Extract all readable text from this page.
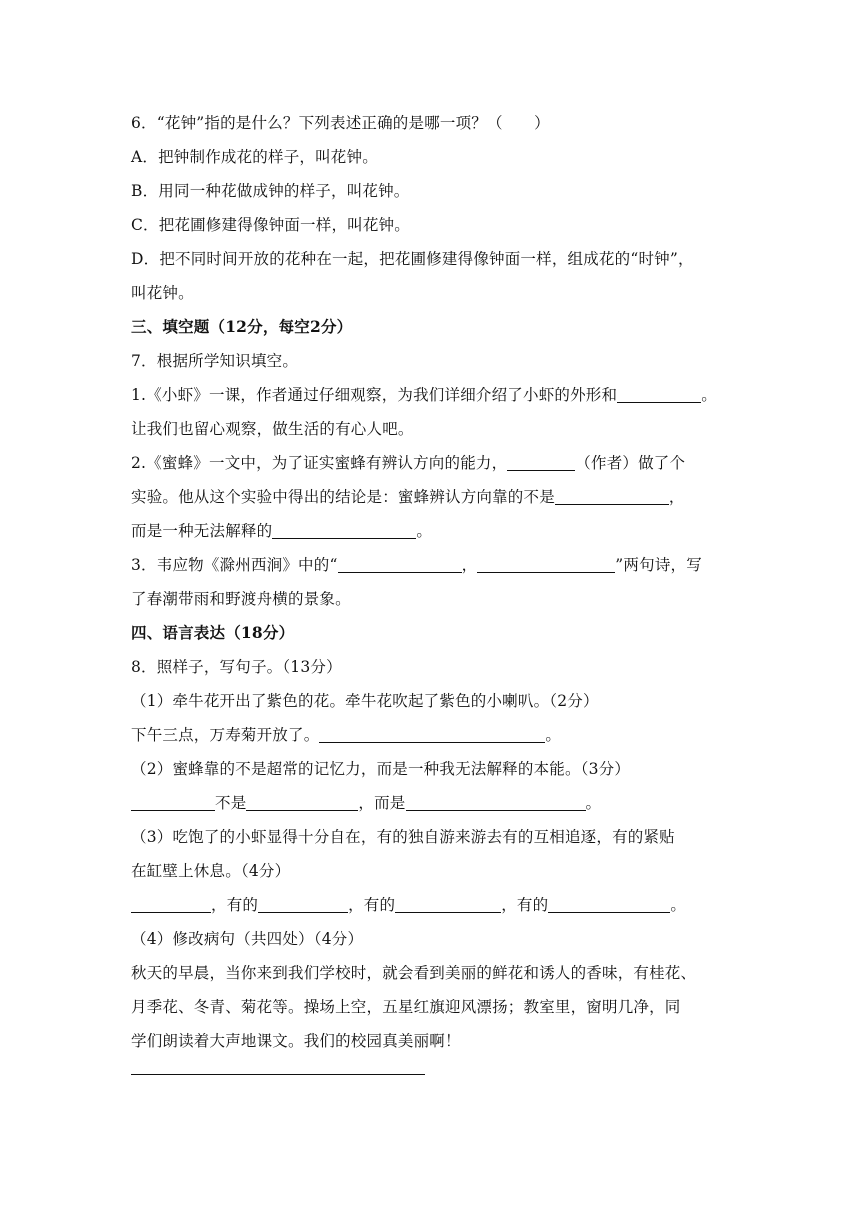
6．“花钟”指的是什么？下列表述正确的是哪一项？（　　）
A．把钟制作成花的样子，叫花钟。
B．用同一种花做成钟的样子，叫花钟。
C．把花圃修建得像钟面一样，叫花钟。
D．把不同时间开放的花种在一起，把花圃修建得像钟面一样，组成花的“时钟”，
叫花钟。
三、填空题（12分，每空2分）
7．根据所学知识填空。
1.《小虾》一课，作者通过仔细观察，为我们详细介绍了小虾的外形和	。
让我们也留心观察，做生活的有心人吧。
2.《蜜蜂》一文中，为了证实蜜蜂有辨认方向的能力，	（作者）做了个
实验。他从这个实验中得出的结论是：蜜蜂辨认方向靠的不是	，
而是一种无法解释的	。
3．韦应物《滁州西涧》中的“	，	”两句诗，写
了春潮带雨和野渡舟横的景象。
四、语言表达（18分）
8．照样子，写句子。（13分）
（1）牵牛花开出了紫色的花。牵牛花吹起了紫色的小喇叭。（2分）
下午三点，万寿菊开放了。	。
（2）蜜蜂靠的不是超常的记忆力，而是一种我无法解释的本能。（3分）
不是	，而是	。
（3）吃饱了的小虾显得十分自在，有的独自游来游去有的互相追逐，有的紧贴
在缸壁上休息。（4分）
，有的	，有的	，有的	。
（4）修改病句（共四处）（4分）
秋天的早晨，当你来到我们学校时，就会看到美丽的鲜花和诱人的香味，有桂花、
月季花、冬青、菊花等。操场上空，五星红旗迎风漂扬；教室里，窗明几净，同
学们朗读着大声地课文。我们的校园真美丽啊！
